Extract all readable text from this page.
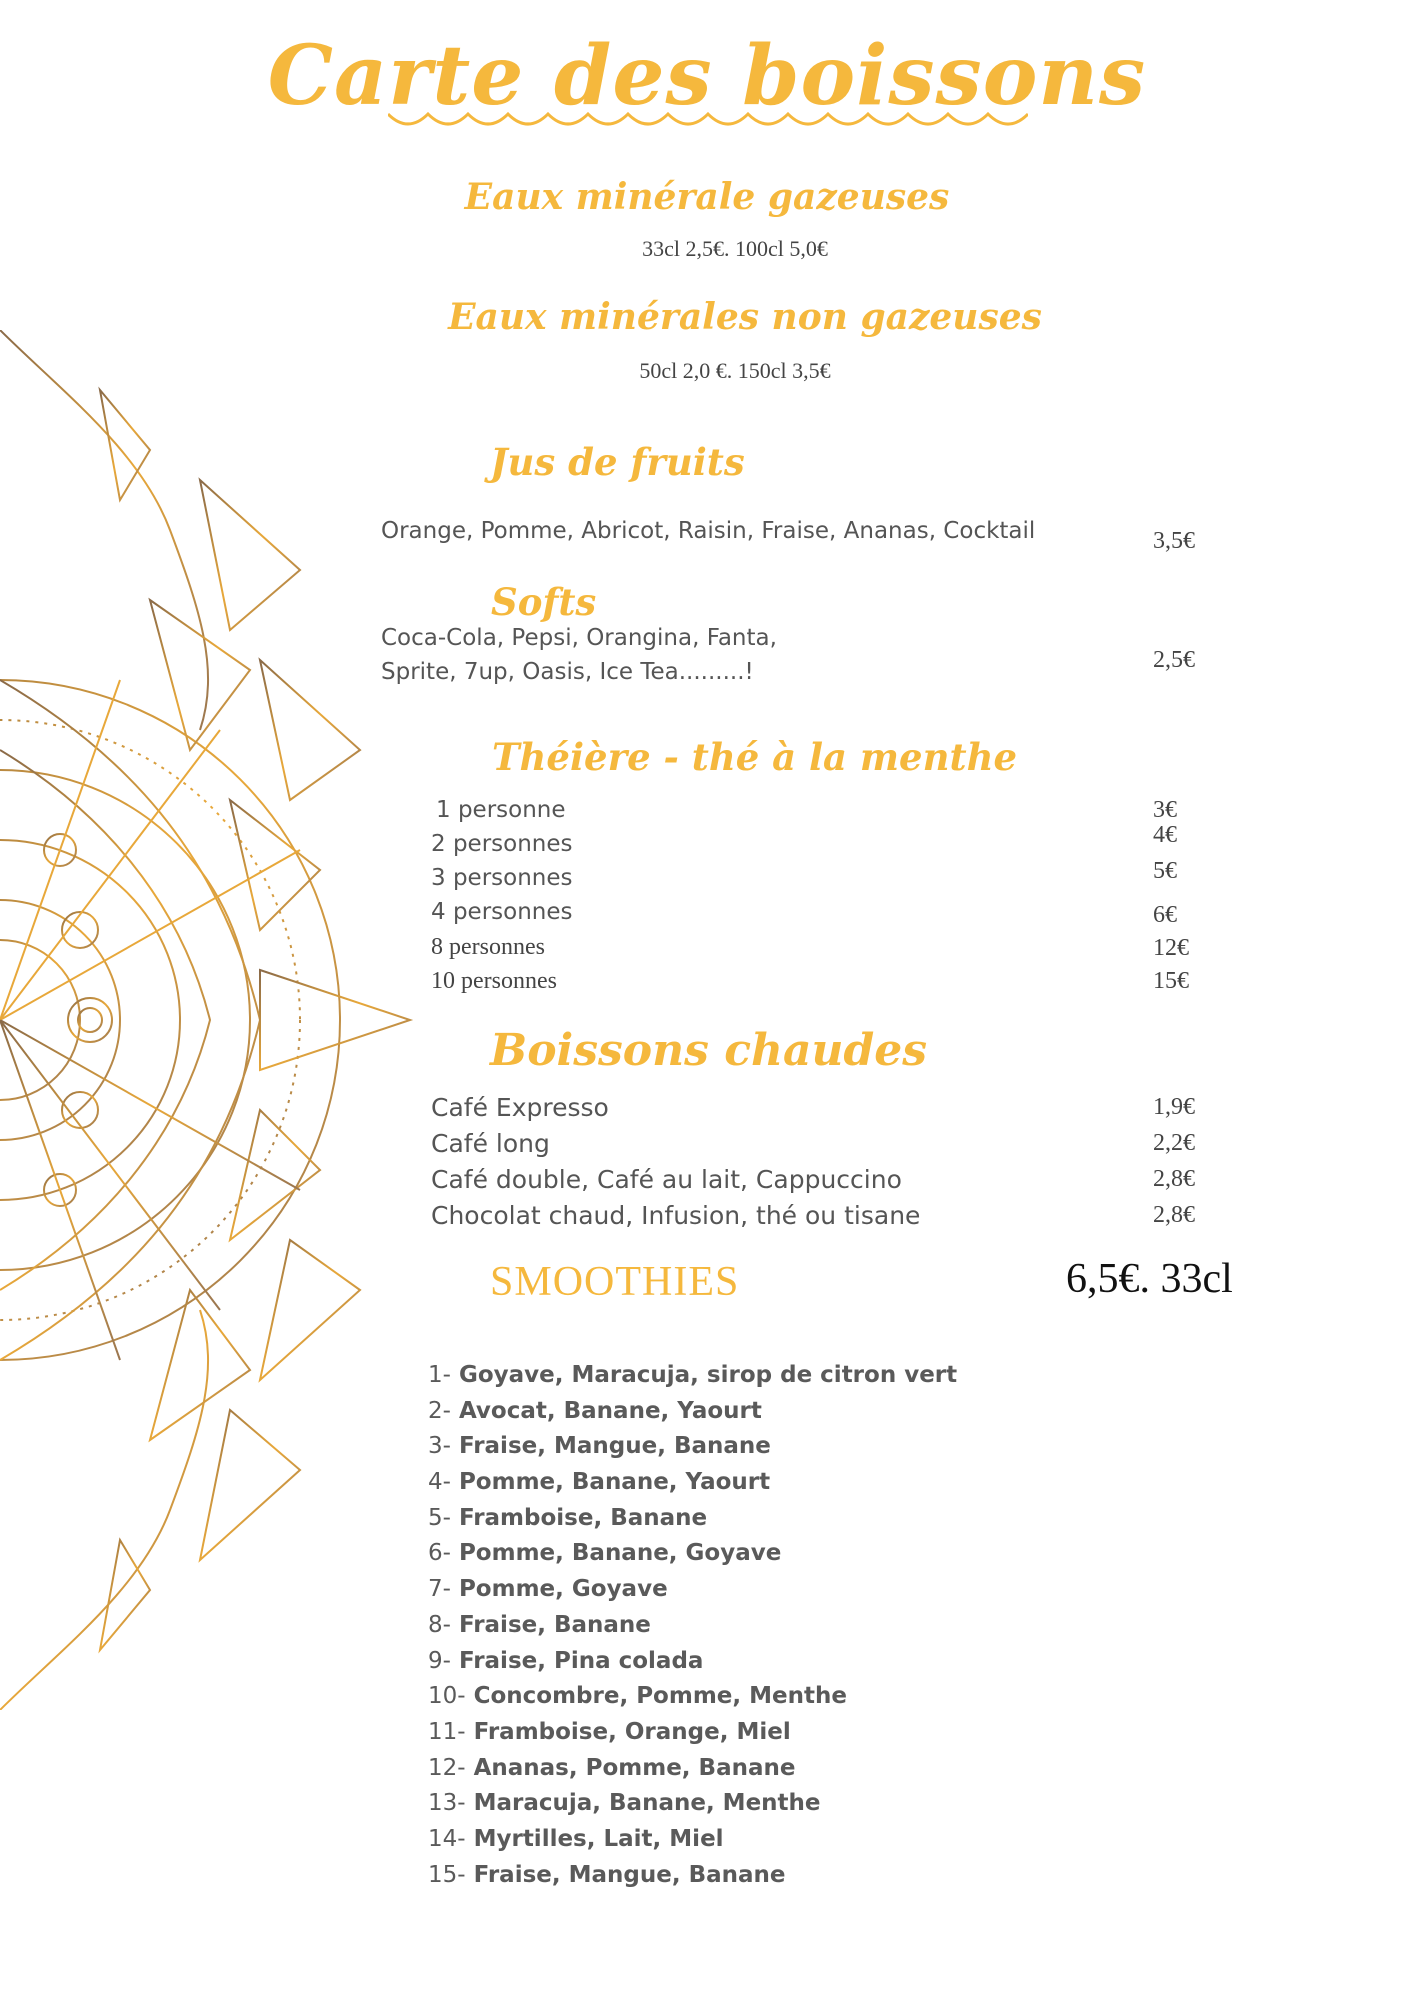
Carte des boissons
Eaux minérale gazeuses
33cl 2,5€. 100cl 5,0€
Eaux minérales non gazeuses
50cl 2,0 €. 150cl 3,5€
Jus de fruits
Orange, Pomme, Abricot, Raisin, Fraise, Ananas, Cocktail	3,5€
Softs
Coca-Cola, Pepsi, Orangina, Fanta,
Sprite, 7up, Oasis, Ice Tea.........!	2,5€
Théière - thé à la menthe
1 personne	3€
2 personnes	4€
3 personnes	5€
4 personnes	6€
8 personnes	12€
10 personnes	15€
Boissons chaudes
Café Expresso	1,9€
Café long	2,2€
Café double, Café au lait, Cappuccino	2,8€
Chocolat chaud, Infusion, thé ou tisane	2,8€
SMOOTHIES	6,5€. 33cl
1- Goyave, Maracuja, sirop de citron vert
2- Avocat, Banane, Yaourt
3- Fraise, Mangue, Banane
4- Pomme, Banane, Yaourt
5- Framboise, Banane
6- Pomme, Banane, Goyave
7- Pomme, Goyave
8- Fraise, Banane
9- Fraise, Pina colada
10- Concombre, Pomme, Menthe
11- Framboise, Orange, Miel
12- Ananas, Pomme, Banane
13- Maracuja, Banane, Menthe
14- Myrtilles, Lait, Miel
15- Fraise, Mangue, Banane
